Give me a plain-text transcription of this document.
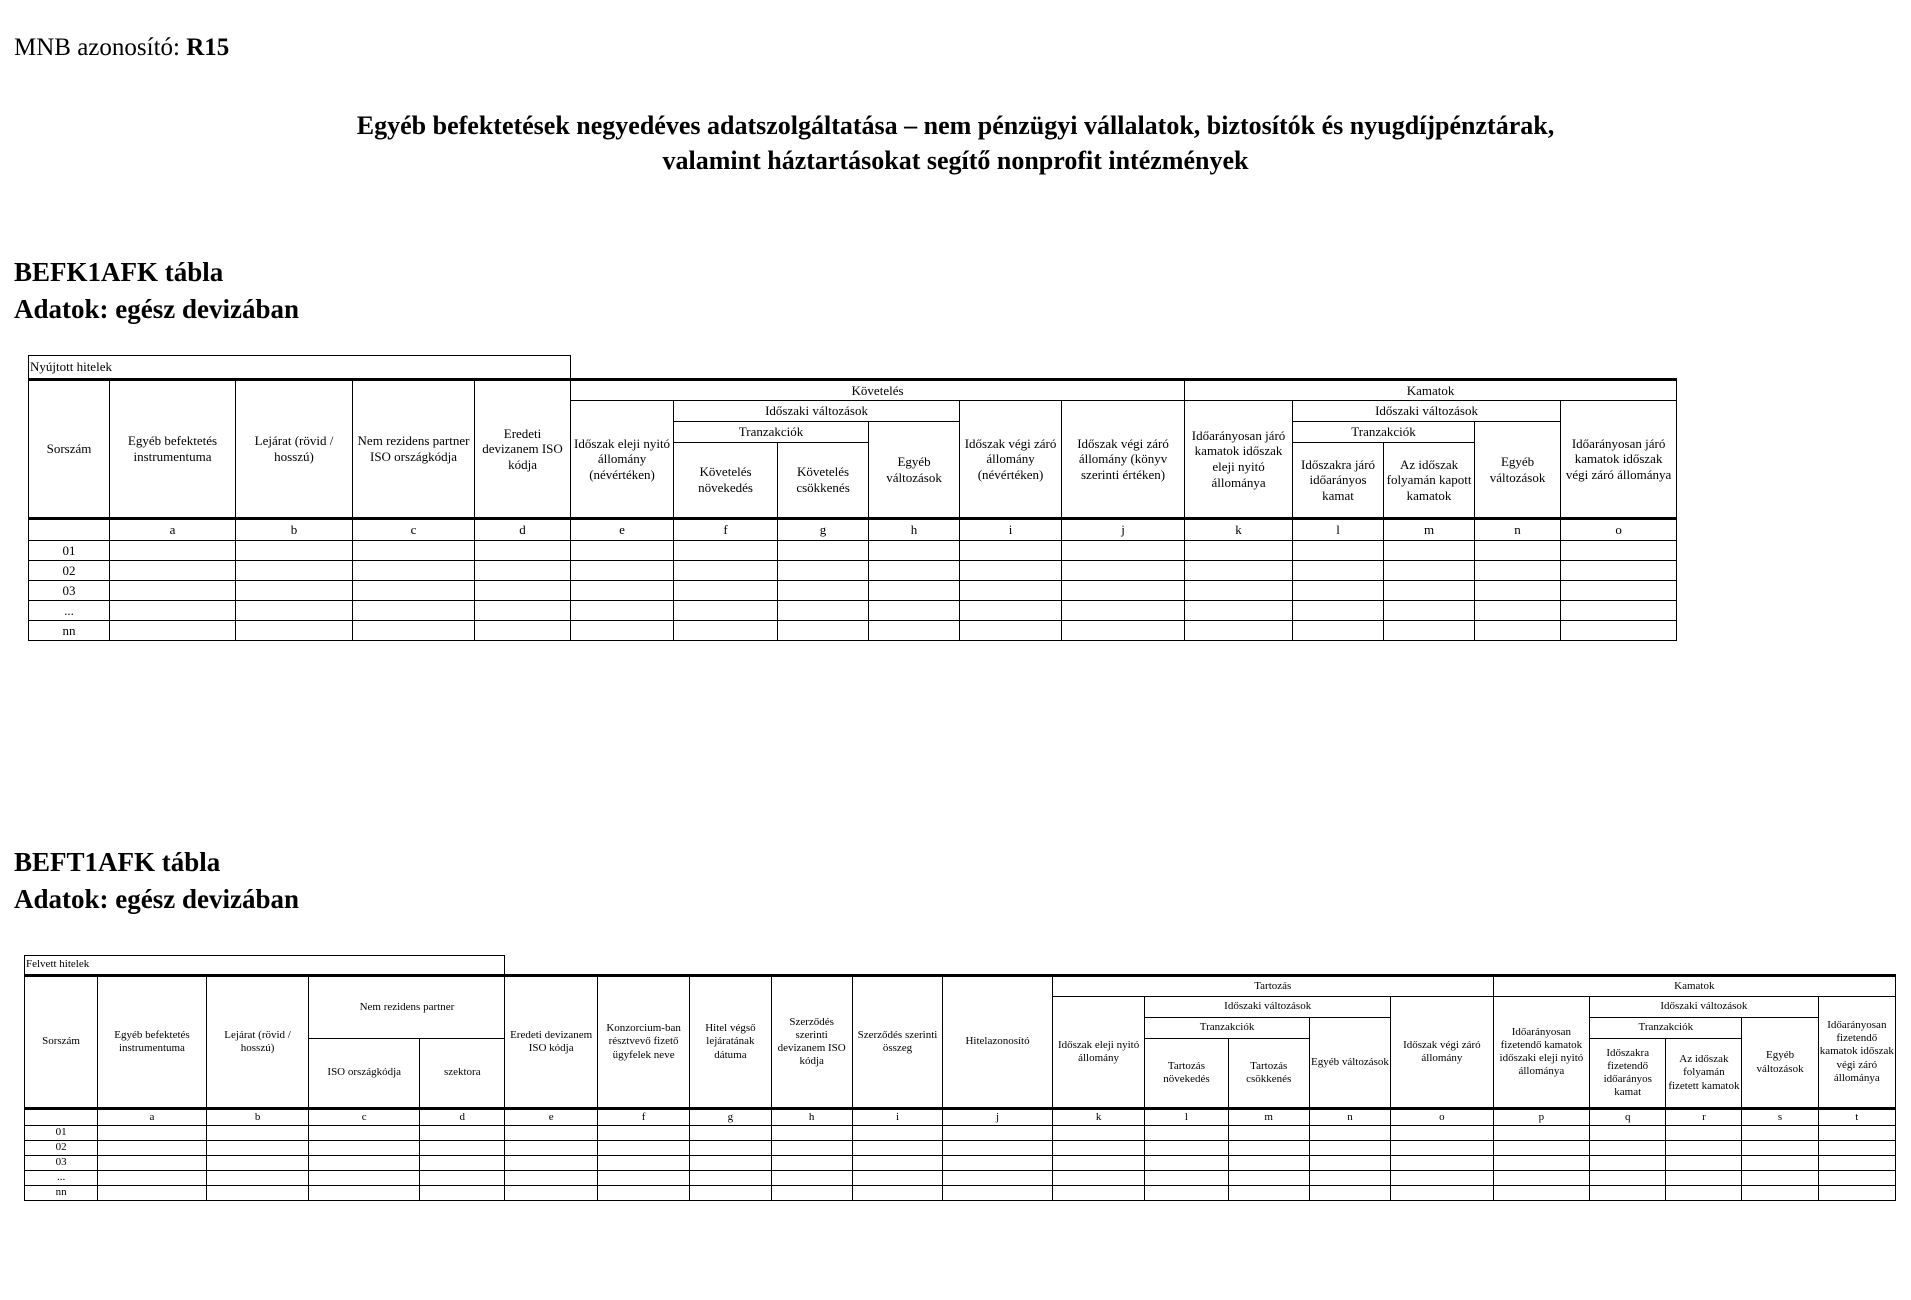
MNB azonosító: R15
Egyéb befektetések negyedéves adatszolgáltatása – nem pénzügyi vállalatok, biztosítók és nyugdíjpénztárak,
valamint háztartásokat segítő nonprofit intézmények
BEFK1AFK tábla
Adatok: egész devizában
Nyújtott hitelek															
Sorszám	Egyéb befektetés instrumentuma	Lejárat (rövid / hosszú)	Nem rezidens partner ISO országkódja	Eredeti devizanem ISO kódja	Követelés						Kamatok				
					Időszak eleji nyitó állomány (névértéken)	Időszaki változások			Időszak végi záró állomány (névértéken)	Időszak végi záró állomány (könyv szerinti értéken)	Időarányosan járó kamatok időszak eleji nyitó állománya	Időszaki változások			Időarányosan járó kamatok időszak végi záró állománya
						Tranzakciók		Egyéb változások				Tranzakciók		Egyéb változások	
						Követelés növekedés	Követelés csökkenés					Időszakra járó időarányos kamat	Az időszak folyamán kapott kamatok		
	a	b	c	d	e	f	g	h	i	j	k	l	m	n	o
01															
02															
03															
...															
nn															
BEFT1AFK tábla
Adatok: egész devizában
Felvett hitelek																				
Sorszám	Egyéb befektetés instrumentuma	Lejárat (rövid / hosszú)	Nem rezidens partner		Eredeti devizanem ISO kódja	Konzorcium-ban résztvevő fizető ügyfelek neve	Hitel végső lejáratának dátuma	Szerződés szerinti devizanem ISO kódja	Szerződés szerinti összeg	Hitelazonosító	Tartozás					Kamatok				
											Időszak eleji nyitó állomány	Időszaki változások			Időszak végi záró állomány	Időarányosan fizetendő kamatok időszaki eleji nyitó állománya	Időszaki változások			Időarányosan fizetendő kamatok időszak végi záró állománya
												Tranzakciók		Egyéb változások			Tranzakciók		Egyéb változások	
			ISO országkódja	szektora								Tartozás növekedés	Tartozás csökkenés				Időszakra fizetendő időarányos kamat	Az időszak folyamán fizetett kamatok		

	a	b	c	d	e	f	g	h	i	j	k	l	m	n	o	p	q	r	s	t
01																				
02																				
03																				
...																				
nn																				
